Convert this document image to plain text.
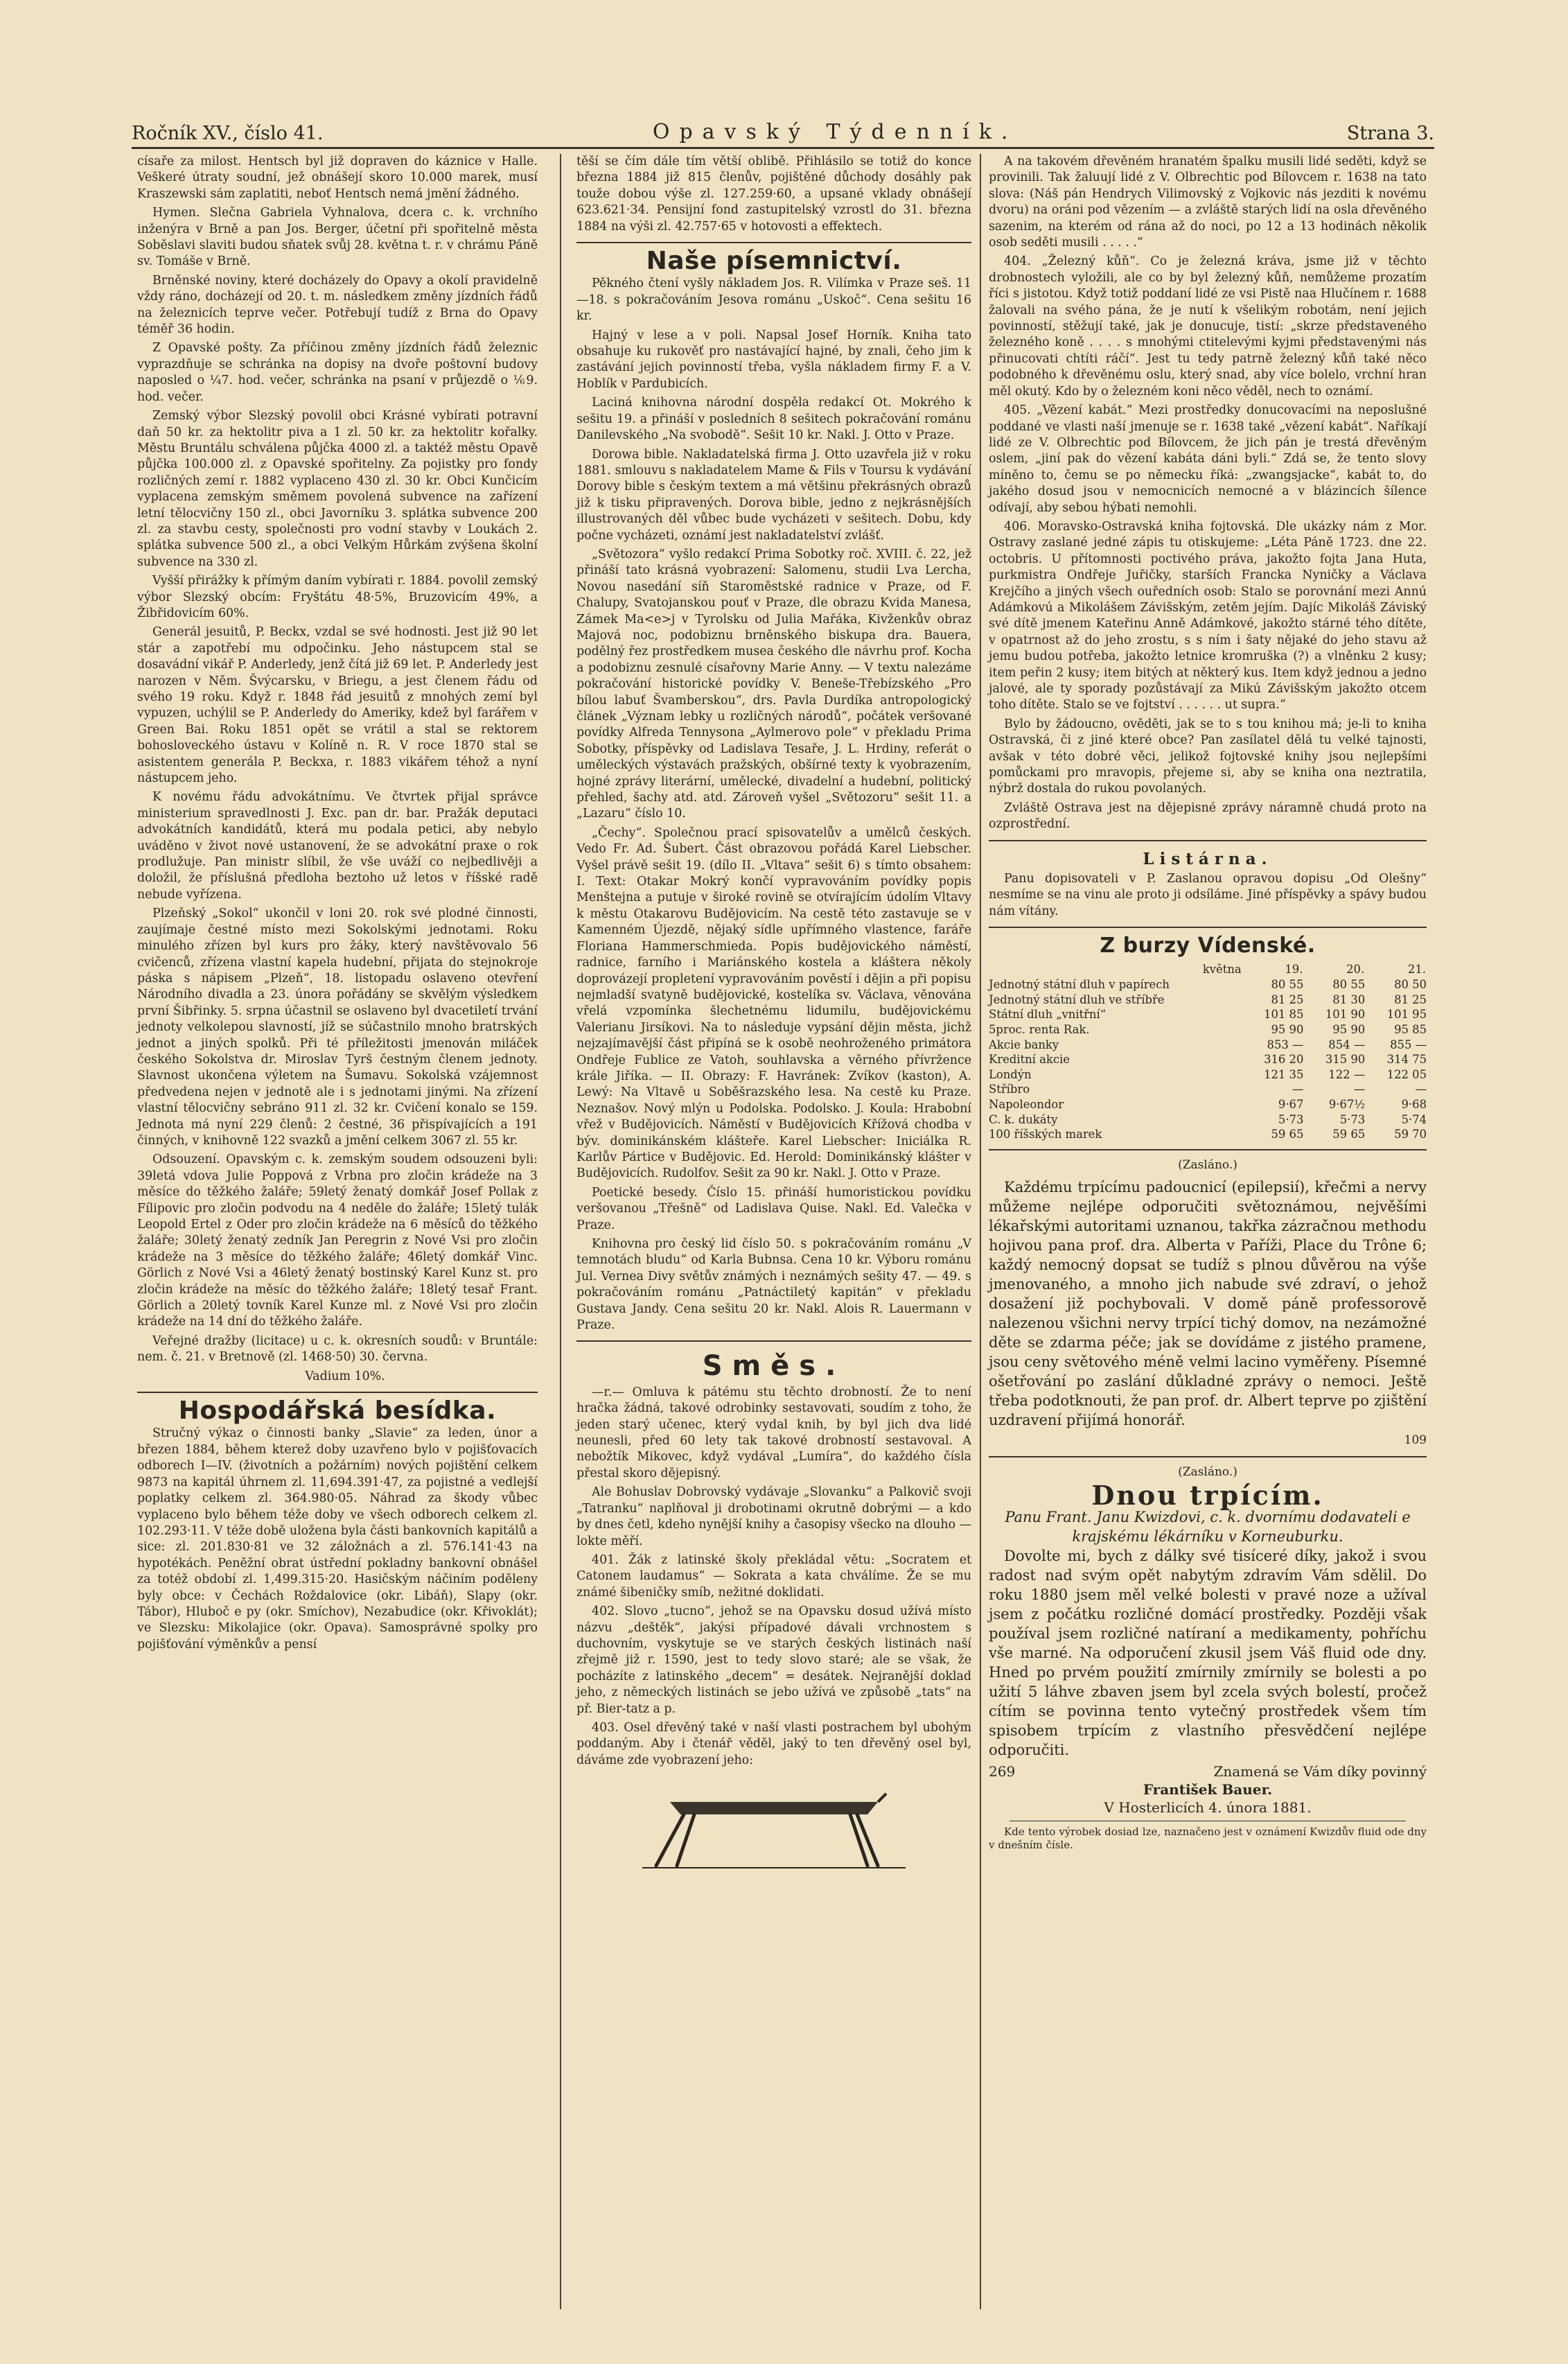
Ročník XV., číslo 41.	Opavský Týdenník.	Strana 3.

císaře za milost. Hentsch byl již dopraven do káznice v Halle. Veškeré útraty soudní, jež obnášejí skoro 10.000 marek, musí Kraszewski sám zaplatiti, neboť Hentsch nemá jmění žádného.

Hymen. Slečna Gabriela Vyhnalova, dcera c. k. vrchního inženýra v Brně a pan Jos. Berger, účetní při spořitelně města Soběslavi slaviti budou sňatek svůj 28. května t. r. v chrámu Páně sv. Tomáše v Brně.

Brněnské noviny, které docházely do Opavy a okolí pravidelně vždy ráno, docházejí od 20. t. m. následkem změny jízdních řádů na železnicích teprve večer. Potřebují tudíž z Brna do Opavy téměř 36 hodin.

Z Opavské pošty. Za příčinou změny jízdních řádů železnic vyprazdňuje se schránka na dopisy na dvoře poštovní budovy naposled o ¼7. hod. večer, schránka na psaní v průjezdě o ⅙9. hod. večer.

Zemský výbor Slezský povolil obci Krásné vybírati potravní daň 50 kr. za hektolitr piva a 1 zl. 50 kr. za hektolitr kořalky. Městu Bruntálu schválena půjčka 4000 zl. a taktéž městu Opavě půjčka 100.000 zl. z Opavské spořitelny. Za pojistky pro fondy rozličných zemí r. 1882 vyplaceno 430 zl. 30 kr. Obci Kunčicím vyplacena zemským směmem povolená subvence na zařízení letní tělocvičny 150 zl., obci Javorníku 3. splátka subvence 200 zl. za stavbu cesty, společnosti pro vodní stavby v Loukách 2. splátka subvence 500 zl., a obci Velkým Hůrkám zvýšena školní subvence na 330 zl.

Vyšší přirážky k přímým daním vybírati r. 1884. povolil zemský výbor Slezský obcím: Fryštátu 48·5%, Bruzovicím 49%, a Žibřidovicím 60%.

Generál jesuitů, P. Beckx, vzdal se své hodnosti. Jest již 90 let stár a zapotřebí mu odpočinku. Jeho nástupcem stal se dosavádní vikář P. Anderledy, jenž čítá již 69 let. P. Anderledy jest narozen v Něm. Švýcarsku, v Briegu, a jest členem řádu od svého 19 roku. Když r. 1848 řád jesuitů z mnohých zemí byl vypuzen, uchýlil se P. Anderledy do Ameriky, kdež byl farářem v Green Bai. Roku 1851 opět se vrátil a stal se rektorem bohosloveckého ústavu v Kolíně n. R. V roce 1870 stal se asistentem generála P. Beckxa, r. 1883 vikářem téhož a nyní nástupcem jeho.

K novému řádu advokátnímu. Ve čtvrtek přijal správce ministerium spravedlnosti J. Exc. pan dr. bar. Pražák deputaci advokátních kandidátů, která mu podala petici, aby nebylo uváděno v život nové ustanovení, že se advokátní praxe o rok prodlužuje. Pan ministr slíbil, že vše uváží co nejbedlivěji a doložil, že příslušná předloha beztoho už letos v říšské radě nebude vyřízena.

Plzeňský „Sokol“ ukončil v loni 20. rok své plodné činnosti, zaujímaje čestné místo mezi Sokolskými jednotami. Roku minulého zřízen byl kurs pro žáky, který navštěvovalo 56 cvičenců, zřízena vlastní kapela hudební, přijata do stejnokroje páska s nápisem „Plzeň“, 18. listopadu oslaveno otevření Národního divadla a 23. února pořádány se skvělým výsledkem první Šibřinky. 5. srpna účastnil se oslaveno byl dvacetiletí trvání jednoty velkolepou slavností, jíž se súčastnilo mnoho bratrských jednot a jiných spolků. Při té příležitosti jmenován miláček českého Sokolstva dr. Miroslav Tyrš čestným členem jednoty. Slavnost ukončena výletem na Šumavu. Sokolská vzájemnost předvedena nejen v jednotě ale i s jednotami jinými. Na zřízení vlastní tělocvičny sebráno 911 zl. 32 kr. Cvičení konalo se 159. Jednota má nyní 229 členů: 2 čestné, 36 přispívajících a 191 činných, v knihovně 122 svazků a jmění celkem 3067 zl. 55 kr.

Odsouzení. Opavským c. k. zemským soudem odsouzeni byli: 39letá vdova Julie Poppová z Vrbna pro zločin krádeže na 3 měsíce do těžkého žaláře; 59letý ženatý domkář Josef Pollak z Fílipovic pro zločin podvodu na 4 neděle do žaláře; 15letý tulák Leopold Ertel z Oder pro zločin krádeže na 6 měsíců do těžkého žaláře; 30letý ženatý zedník Jan Peregrin z Nové Vsi pro zločin krádeže na 3 měsíce do těžkého žaláře; 46letý domkář Vinc. Görlich z Nové Vsi a 46letý ženatý bostinský Karel Kunz st. pro zločin krádeže na měsíc do těžkého žaláře; 18letý tesař Frant. Görlich a 20letý tovník Karel Kunze ml. z Nové Vsi pro zločin krádeže na 14 dní do těžkého žaláře.

Veřejné dražby (licitace) u c. k. okresních soudů: v Bruntále: nem. č. 21. v Bretnově (zl. 1468·50) 30. června.

Vadium 10%.

Hospodářská besídka.

Stručný výkaz o činnosti banky „Slavie“ za leden, únor a březen 1884, během kterež doby uzavřeno bylo v pojišťovacích odborech I—IV. (životních a požárním) nových pojištění celkem 9873 na kapitál úhrnem zl. 11,694.391·47, za pojistné a vedlejší poplatky celkem zl. 364.980·05. Náhrad za škody vůbec vyplaceno bylo během téže doby ve všech odborech celkem zl. 102.293·11. V téže době uložena byla části bankovních kapitálů a sice: zl. 201.830·81 ve 32 záložnách a zl. 576.141·43 na hypotékách. Peněžní obrat ústřední pokladny bankovní obnášel za totéž období zl. 1,499.315·20. Hasičským náčiním poděleny byly obce: v Čechách Roždalovice (okr. Libáň), Slapy (okr. Tábor), Hluboč e py (okr. Smíchov), Nezabudice (okr. Křivoklát); ve Slezsku: Mikolajice (okr. Opava). Samosprávné spolky pro pojišťování výměnkův a pensí

těší se čím dále tím větší oblibě. Přihlásilo se totiž do konce března 1884 již 815 členův, pojištěné důchody dosáhly pak touže dobou výše zl. 127.259·60, a upsané vklady obnášejí 623.621·34. Pensijní fond zastupitelský vzrostl do 31. března 1884 na výši zl. 42.757·65 v hotovosti a effektech.

Naše písemnictví.

Pěkného čtení vyšly nákladem Jos. R. Vilímka v Praze seš. 11—18. s pokračováním Jesova románu „Uskoč“. Cena sešitu 16 kr.

Hajný v lese a v poli. Napsal Josef Horník. Kniha tato obsahuje ku rukověť pro nastávající hajné, by znali, čeho jim k zastávání jejich povinností třeba, vyšla nákladem firmy F. a V. Hoblík v Pardubicích.

Laciná knihovna národní dospěla redakcí Ot. Mokrého k sešitu 19. a přináší v posledních 8 sešitech pokračování románu Danilevského „Na svobodě“. Sešit 10 kr. Nakl. J. Otto v Praze.

Dorowa bible. Nakladatelská firma J. Otto uzavřela již v roku 1881. smlouvu s nakladatelem Mame & Fils v Toursu k vydávání Dorovy bible s českým textem a má většinu překrásných obrazů již k tisku připravených. Dorova bible, jedno z nejkrásnějších illustrovaných děl vůbec bude vycházeti v sešitech. Dobu, kdy počne vycházeti, oznámí jest nakladatelství zvlášť.

„Světozora“ vyšlo redakcí Prima Sobotky roč. XVIII. č. 22, jež přináší tato krásná vyobrazení: Salomenu, studii Lva Lercha, Novou nasedání síň Staroměstské radnice v Praze, od F. Chalupy, Svatojanskou pouť v Praze, dle obrazu Kvida Manesa, Zámek Ma<e>j v Tyrolsku od Julia Mařáka, Kivženkův obraz Majová noc, podobiznu brněnského biskupa dra. Bauera, podělný řez prostředkem musea českého dle návrhu prof. Kocha a podobiznu zesnulé císařovny Marie Anny. — V textu nalezáme pokračování historické povídky V. Beneše-Třebízského „Pro bílou labuť Švamberskou“, drs. Pavla Durdíka antropologický článek „Význam lebky u rozličných národů“, počátek veršované povídky Alfreda Tennysona „Aylmerovo pole“ v překladu Prima Sobotky, příspěvky od Ladislava Tesaře, J. L. Hrdiny, referát o uměleckých výstavách pražských, obšírné texty k vyobrazením, hojné zprávy literární, umělecké, divadelní a hudební, politický přehled, šachy atd. atd. Zároveň vyšel „Světozoru“ sešit 11. a „Lazaru“ číslo 10.

„Čechy“. Společnou prací spisovatelův a umělců českých. Vedo Fr. Ad. Šubert. Část obrazovou pořádá Karel Liebscher. Vyšel právě sešit 19. (dílo II. „Vltava“ sešit 6) s tímto obsahem: I. Text: Otakar Mokrý končí vypravováním povídky popis Menštejna a putuje v široké rovině se otvírajícím údolím Vltavy k městu Otakarovu Budějovicím. Na cestě této zastavuje se v Kamenném Újezdě, nějaký sídle upřímného vlastence, faráře Floriana Hammerschmieda. Popis budějovického náměstí, radnice, farního i Mariánského kostela a kláštera několy doprovázejí propletení vypravováním pověstí i dějin a při popisu nejmladší svatyně budějovické, kostelíka sv. Václava, věnována vřelá vzpomínka šlechetnému lidumilu, budějovickému Valerianu Jirsíkovi. Na to následuje vypsání dějin města, jichž nejzajímavější část připíná se k osobě neohroženého primátora Ondřeje Fublice ze Vatoh, souhlavska a věrného přívržence krále Jiříka. — II. Obrazy: F. Havránek: Zvíkov (kaston), A. Lewý: Na Vltavě u Soběšrazského lesa. Na cestě ku Praze. Neznašov. Nový mlýn u Podolska. Podolsko. J. Koula: Hrabobní vřež v Budějovicích. Náměstí v Budějovicích Křížová chodba v býv. dominikánském klášteře. Karel Liebscher: Iniciálka R. Karlův Pártice v Budějovic. Ed. Herold: Dominikánský klášter v Budějovicích. Rudolfov. Sešit za 90 kr. Nakl. J. Otto v Praze.

Poetické besedy. Číslo 15. přináší humoristickou povídku veršovanou „Třešně“ od Ladislava Quise. Nakl. Ed. Valečka v Praze.

Knihovna pro český lid číslo 50. s pokračováním románu „V temnotách bludu“ od Karla Bubnsa. Cena 10 kr. Výboru románu Jul. Vernea Divy světův známých i neznámých sešity 47. — 49. s pokračováním románu „Patnáctiletý kapitán“ v překladu Gustava Jandy. Cena sešitu 20 kr. Nakl. Alois R. Lauermann v Praze.

Směs.

—r.— Omluva k pátému stu těchto drobností. Že to není hračka žádná, takové odrobinky sestavovati, soudím z toho, že jeden starý učenec, který vydal knih, by byl jich dva lidé neunesli, před 60 lety tak takové drobností sestavoval. A nebožtík Mikovec, když vydával „Lumíra“, do každého čísla přestal skoro dějepisný.

Ale Bohuslav Dobrovský vydávaje „Slovanku“ a Palkovič svoji „Tatranku“ naplňoval ji drobotinami okrutně dobrými — a kdo by dnes četl, kdeho nynější knihy a časopisy všecko na dlouho — lokte měří.

401. Žák z latinské školy překládal větu: „Socratem et Catonem laudamus“ — Sokrata a kata chválíme. Že se mu známé šibeničky smíb, nežitné doklidati.

402. Slovo „tucno“, jehož se na Opavsku dosud užívá místo názvu „deštěk“, jakýsi případové dávali vrchnostem s duchovním, vyskytuje se ve starých českých listinách naší zřejmě již r. 1590, jest to tedy slovo staré; ale se však, že pocházíte z latinského „decem“ = desátek. Nejranější doklad jeho, z německých listinách se jebo užívá ve způsobě „tats“ na př. Bier-tatz a p.

403. Osel dřevěný také v naší vlasti postrachem byl ubohým poddaným. Aby i čtenář věděl, jaký to ten dřevěný osel byl, dáváme zde vyobrazení jeho:

A na takovém dřevěném hranatém špalku musili lidé seděti, když se provinili. Tak žaluují lidé z V. Olbrechtic pod Bílovcem r. 1638 na tato slova: (Náš pán Hendrych Vilimovský z Vojkovic nás jezditi k novému dvoru) na oráni pod vězením — a zvláště starých lidí na osla dřevěného sazenim, na kterém od rána až do noci, po 12 a 13 hodinách několik osob seděti musili . . . . .“

404. „Železný kůň“. Co je železná kráva, jsme již v těchto drobnostech vyložili, ale co by byl železný kůň, nemůžeme prozatím říci s jistotou. Když totiž poddaní lidé ze vsi Pistě naa Hlučínem r. 1688 žalovali na svého pána, že je nutí k všelikým robotám, není jejich povinností, stěžují také, jak je donucuje, tistí: „skrze představeného železného koně . . . . s mnohými ctitelevými kyjmi představenými nás přinucovati chtíti ráčí“. Jest tu tedy patrně železný kůň také něco podobného k dřevěnému oslu, který snad, aby více bolelo, vrchní hran měl okutý. Kdo by o železném koni něco věděl, nech to oznámí.

405. „Vězení kabát.“ Mezi prostředky donucovacími na neposlušné poddané ve vlasti naší jmenuje se r. 1638 také „vězení kabát“. Naříkají lidé ze V. Olbrechtic pod Bílovcem, že jich pán je trestá dřevěným oslem, „jiní pak do vězení kabáta dáni byli.“ Zdá se, že tento slovy míněno to, čemu se po německu říká: „zwangsjacke“, kabát to, do jakého dosud jsou v nemocnicích nemocné a v blázincích šílence odívají, aby sebou hýbati nemohli.

406. Moravsko-Ostravská kniha fojtovská. Dle ukázky nám z Mor. Ostravy zaslané jedné zápis tu otiskujeme: „Léta Páně 1723. dne 22. octobris. U přítomnosti poctivého práva, jakožto fojta Jana Huta, purkmistra Ondřeje Juřičky, starších Francka Nyničky a Václava Krejčího a jiných všech ouředních osob: Stalo se porovnání mezi Annú Adámkovú a Mikolášem Závišským, zetěm jejím. Dajíc Mikoláš Záviský své dítě jmenem Kateřinu Anně Adámkové, jakožto stárné tého dítěte, v opatrnost až do jeho zrostu, s s ním i šaty nějaké do jeho stavu až jemu budou potřeba, jakožto letnice kromruška (?) a vlněnku 2 kusy; item peřin 2 kusy; item bitých at některý kus. Item když jednou a jedno jalové, ale ty sporady pozůstávají za Mikú Závišským jakožto otcem toho dítěte. Stalo se ve fojtství . . . . . . ut supra.“

Bylo by žádoucno, ověděti, jak se to s tou knihou má; je-li to kniha Ostravská, či z jiné které obce? Pan zasílatel dělá tu velké tajnosti, avšak v této dobré věci, jelikož fojtovské knihy jsou nejlepšími pomůckami pro mravopis, přejeme si, aby se kniha ona neztratila, nýbrž dostala do rukou povolaných.

Zvláště Ostrava jest na dějepisné zprávy náramně chudá proto na ozprostřední.

Listárna.

Panu dopisovateli v P. Zaslanou opravou dopisu „Od Olešny“ nesmíme se na vinu ale proto ji odsíláme. Jiné příspěvky a spávy budou nám vítány.

Z burzy Vídenské.
května	19.	20.	21.
Jednotný státní dluh v papírech	80 55	80 55	80 50
Jednotný státní dluh ve stříbře	81 25	81 30	81 25
Státní dluh „vnitřní“	101 85	101 90	101 95
5proc. renta Rak.	95 90	95 90	95 85
Akcie banky	853 —	854 —	855 —
Kreditní akcie	316 20	315 90	314 75
Londýn	121 35	122 —	122 05
Stříbro	—	—	—
Napoleondor	9·67	9·67½	9·68
C. k. dukáty	5·73	5·73	5·74
100 říšských marek	59 65	59 65	59 70
(Zasláno.)

Každému trpícímu padoucnicí (epilepsií), křečmi a nervy můžeme nejlépe odporučiti světoznámou, nejvěšími lékařskými autoritami uznanou, takřka zázračnou methodu hojivou pana prof. dra. Alberta v Paříži, Place du Trône 6; každý nemocný dopsat se tudíž s plnou důvěrou na výše jmenovaného, a mnoho jich nabude své zdraví, o jehož dosažení již pochybovali. V domě páně professorově nalezenou všichni nervy trpící tichý domov, na nezámožné děte se zdarma péče; jak se dovídáme z jistého pramene, jsou ceny světového méně velmi lacino vyměřeny. Písemné ošetřování po zaslání důkladné zprávy o nemoci. Ještě třeba podotknouti, že pan prof. dr. Albert teprve po zjištění uzdravení přijímá honorář.

109
(Zasláno.)
Dnou trpícím.
Panu Frant. Janu Kwizdovi, c. k. dvornímu dodavateli e krajskému lékárníku v Korneuburku.

Dovolte mi, bych z dálky své tisíceré díky, jakož i svou radost nad svým opět nabytým zdravím Vám sdělil. Do roku 1880 jsem měl velké bolesti v pravé noze a užíval jsem z počátku rozličné domácí prostředky. Později však používal jsem rozličné natíraní a medikamenty, pohříchu vše marné. Na odporučení zkusil jsem Váš fluid ode dny. Hned po prvém použití zmírnily zmírnily se bolesti a po užití 5 láhve zbaven jsem byl zcela svých bolestí, pročež cítím se povinna tento vytečný prostředek všem tím spisobem trpícím z vlastního přesvědčení nejlépe odporučiti.

269	Znamená se Vám díky povinný
František Bauer.
V Hosterlicích 4. února 1881.

Kde tento výrobek dosiad lze, naznačeno jest v oznámení Kwizdův fluid ode dny v dnešním čísle.
